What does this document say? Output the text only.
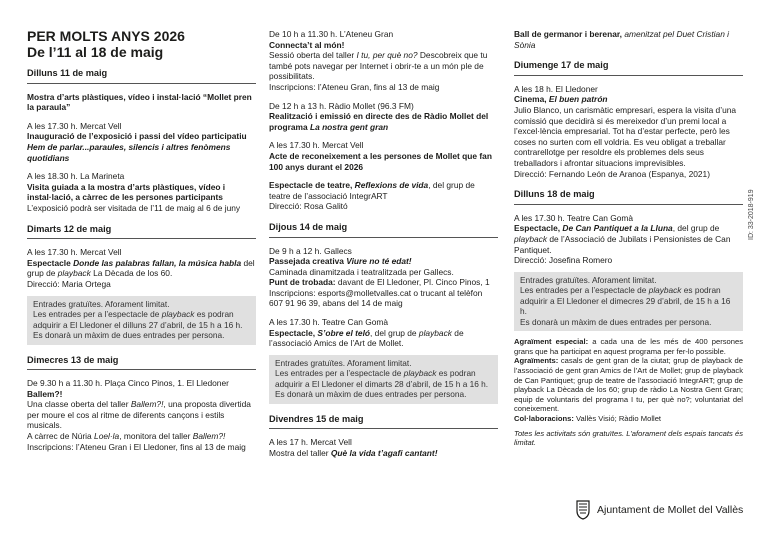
PER MOLTS ANYS 2026
De l’11 al 18 de maig
Dilluns 11 de maig

Mostra d’arts plàstiques, vídeo i instal·lació “Mollet pren la paraula”

A les 17.30 h. Mercat Vell

Inauguració de l’exposició i passi del vídeo participatiu Hem de parlar...paraules, silencis i altres fenòmens quotidians

A les 18.30 h. La Marineta

Visita guiada a la mostra d’arts plàstiques, vídeo i instal·lació, a càrrec de les persones participants

L’exposició podrà ser visitada de l’11 de maig al 6 de juny

Dimarts 12 de maig

A les 17.30 h. Mercat Vell

Espectacle Donde las palabras fallan, la música habla del grup de playback La Dècada de los 60.

Direcció: Maria Ortega

Entrades gratuïtes. Aforament limitat.

Les entrades per a l’espectacle de playback es podran adquirir a El Lledoner el dilluns 27 d’abril, de 15 h a 16 h.

Es donarà un màxim de dues entrades per persona.

Dimecres 13 de maig

De 9.30 h a 11.30 h. Plaça Cinco Pinos, 1. El Lledoner

Ballem?!

Una classe oberta del taller Ballem?!, una proposta divertida per moure el cos al ritme de diferents cançons i estils musicals.

A càrrec de Núria Loel·la, monitora del taller Ballem?!

Inscripcions: l’Ateneu Gran i El Lledoner, fins al 13 de maig

De 10 h a 11.30 h. L’Ateneu Gran

Connecta’t al món!

Sessió oberta del taller I tu, per què no? Descobreix que tu també pots navegar per Internet i obrir-te a un món ple de possibilitats.

Inscripcions: l’Ateneu Gran, fins al 13 de maig

De 12 h a 13 h. Ràdio Mollet (96.3 FM)

Realització i emissió en directe des de Ràdio Mollet del programa La nostra gent gran

A les 17.30 h. Mercat Vell

Acte de reconeixement a les persones de Mollet que fan 100 anys durant el 2026

Espectacle de teatre, Reflexions de vida, del grup de teatre de l’associació IntegrART

Direcció: Rosa Galitó

Dijous 14 de maig

De 9 h a 12 h. Gallecs

Passejada creativa Viure no té edat!

Caminada dinamitzada i teatralitzada per Gallecs.

Punt de trobada: davant de El Lledoner, Pl. Cinco Pinos, 1

Inscripcions: esports@molletvalles.cat o trucant al telèfon 607 91 96 39, abans del 14 de maig

A les 17.30 h. Teatre Can Gomà

Espectacle, S’obre el teló, del grup de playback de l’associació Amics de l’Art de Mollet.

Entrades gratuïtes. Aforament limitat.

Les entrades per a l’espectacle de playback es podran adquirir a El Lledoner el dimarts 28 d’abril, de 15 h a 16 h.

Es donarà un màxim de dues entrades per persona.

Divendres 15 de maig

A les 17 h. Mercat Vell

Mostra del taller Què la vida t’agafi cantant!

Ball de germanor i berenar, amenitzat pel Duet Cristian i Sònia

Diumenge 17 de maig

A les 18 h. El Lledoner

Cinema, El buen patrón

Julio Blanco, un carismàtic empresari, espera la visita d’una comissió que decidirà si és mereixedor d’un premi local a l’excel·lència empresarial. Tot ha d’estar perfecte, però les coses no surten com ell voldria. Es veu obligat a treballar contrarellotge per resoldre els problemes dels seus treballadors i afrontar situacions imprevisibles.

Direcció: Fernando León de Aranoa (Espanya, 2021)

Dilluns 18 de maig

A les 17.30 h. Teatre Can Gomà

Espectacle, De Can Pantiquet a la Lluna, del grup de playback de l’Associació de Jubilats i Pensionistes de Can Pantiquet.

Direcció: Josefina Romero

Entrades gratuïtes. Aforament limitat.

Les entrades per a l’espectacle de playback es podran adquirir a El Lledoner el dimecres 29 d’abril, de 15 h a 16 h.

Es donarà un màxim de dues entrades per persona.

Agraïment especial: a cada una de les més de 400 persones grans que ha participat en aquest programa per fer-lo possible.

Agraïments: casals de gent gran de la ciutat; grup de playback de l’associació de gent gran Amics de l’Art de Mollet; grup de playback de Can Pantiquet; grup de teatre de l’associació IntegrART; grup de playback La Dècada de los 60; grup de ràdio La Nostra Gent Gran; equip de voluntaris del programa I tu, per què no?; voluntariat del coneixement.

Col·laboracions: Vallès Visió; Ràdio Mollet

Totes les activitats són gratuïtes. L’aforament dels espais tancats és limitat.

ID: 33-2018-919
Ajuntament de Mollet del Vallès
